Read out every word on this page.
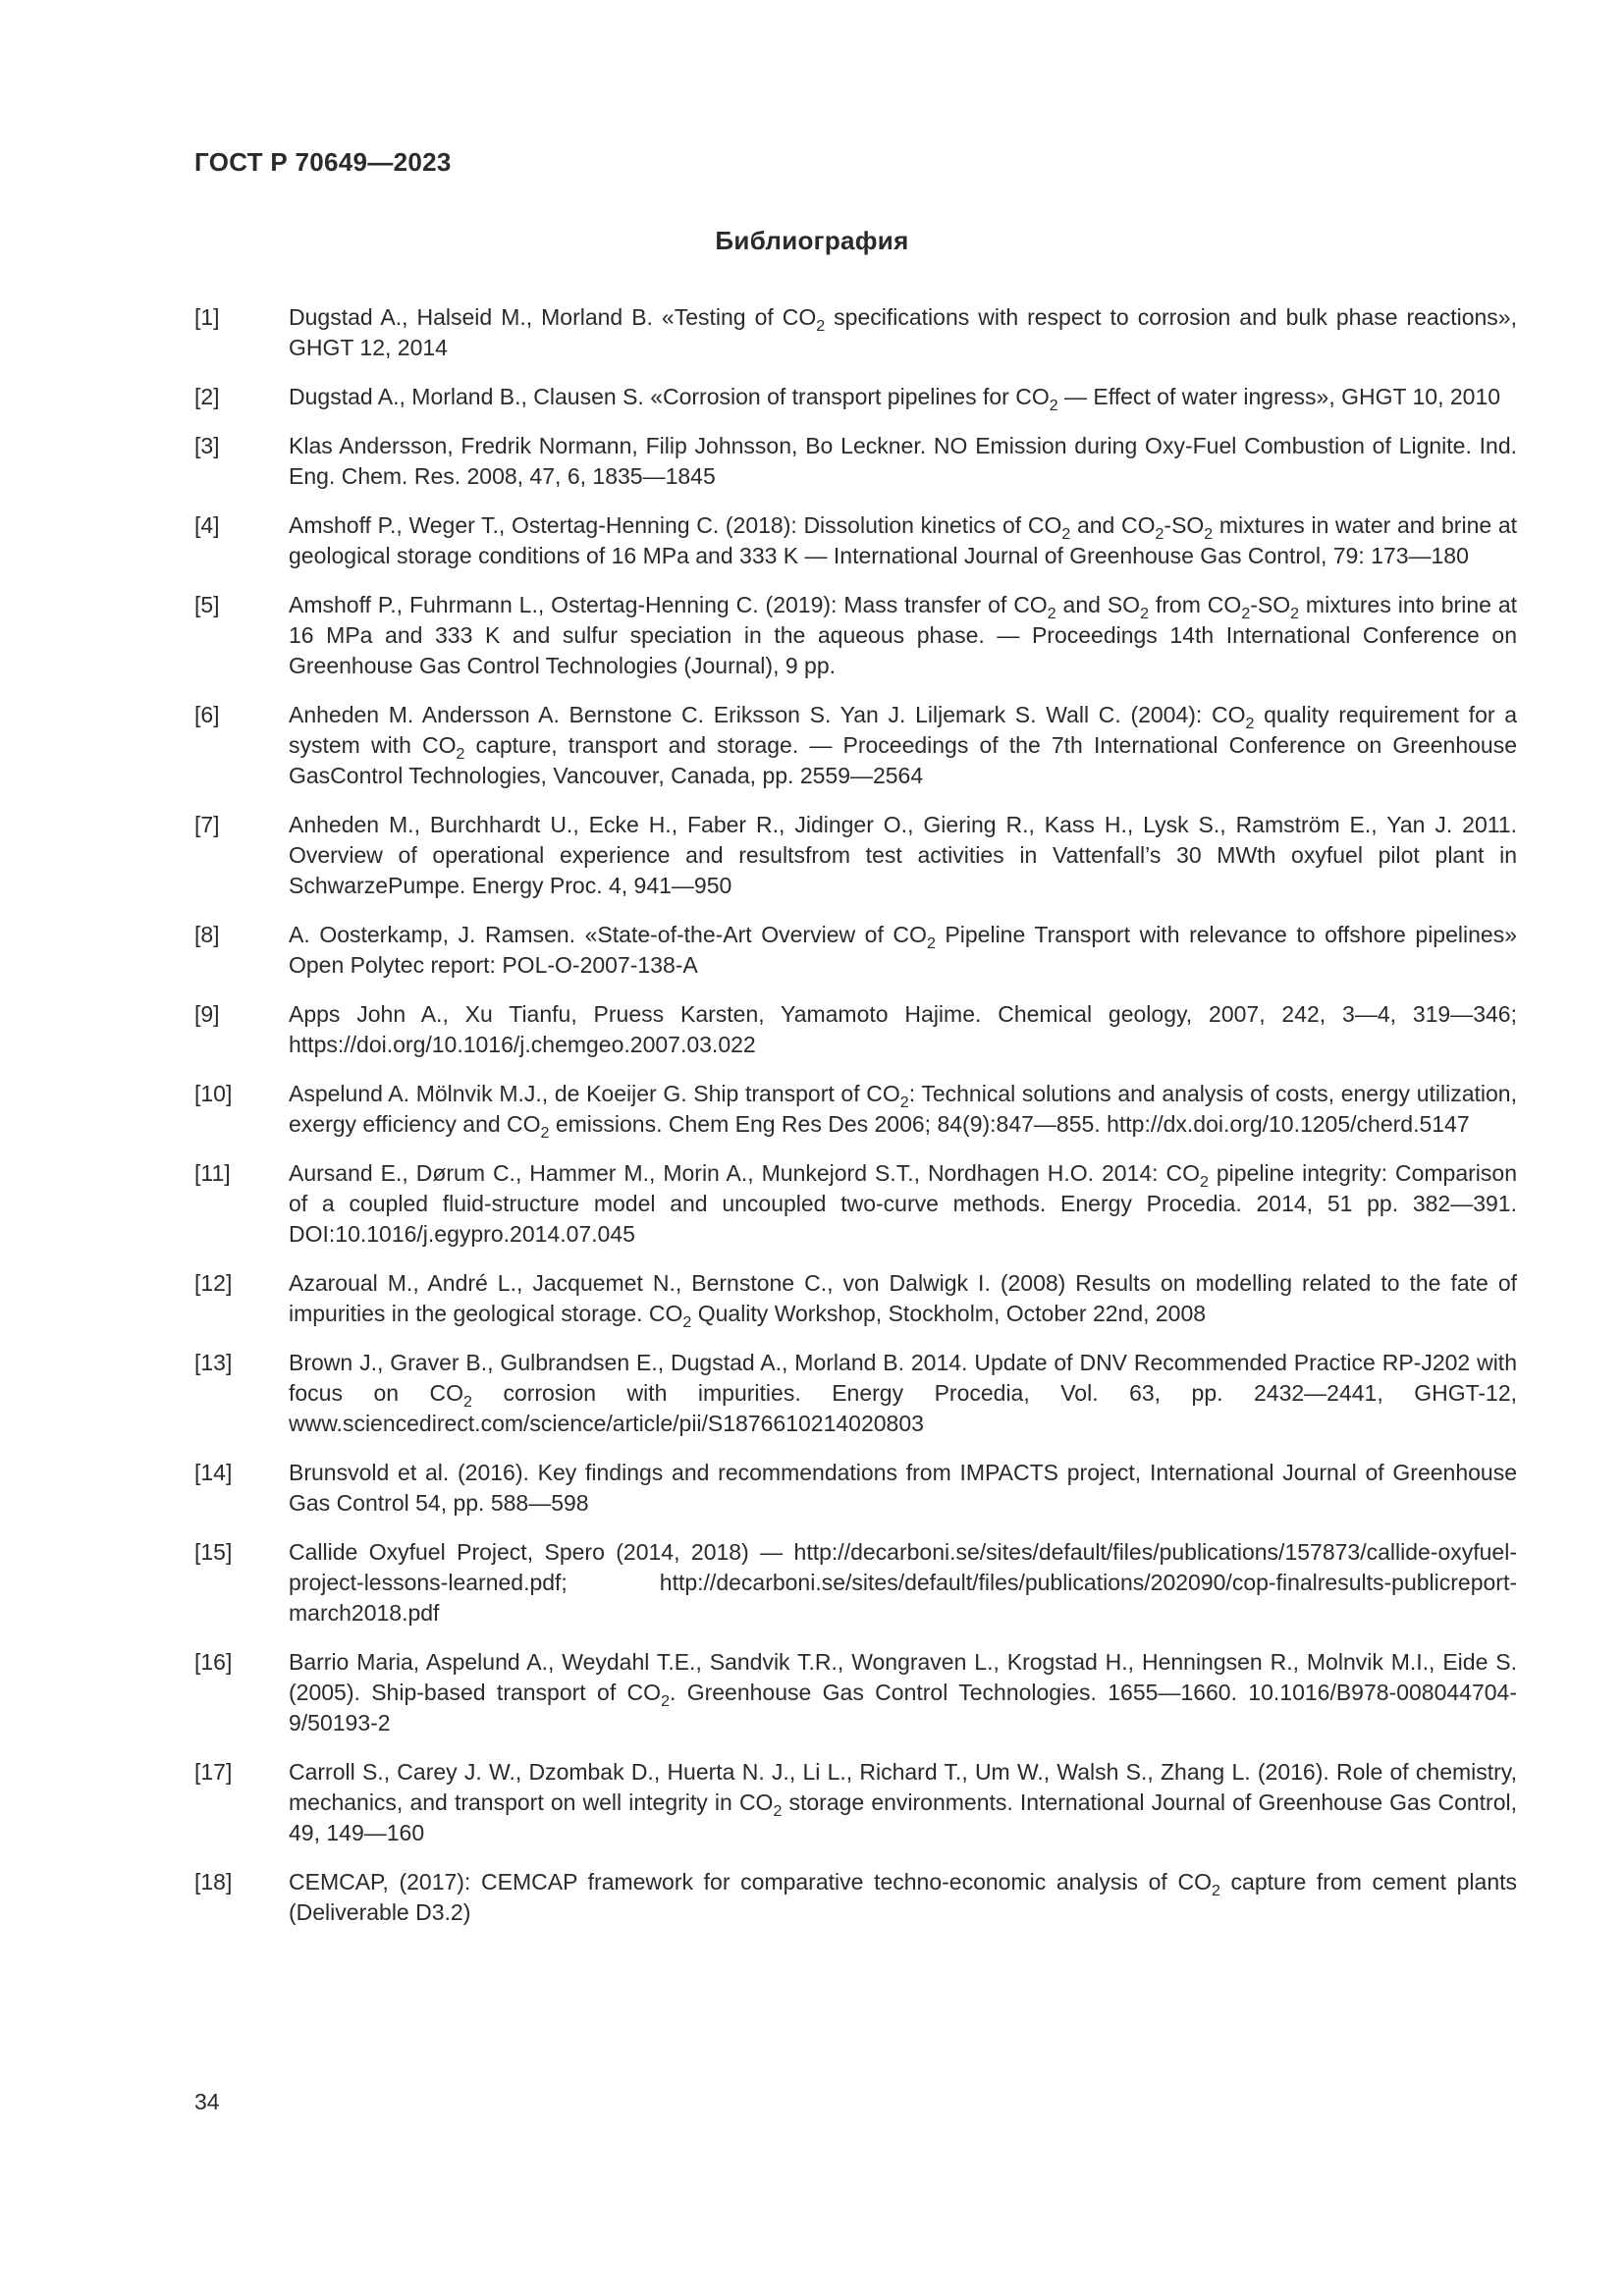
ГОСТ Р 70649—2023
Библиография
[1]	Dugstad A., Halseid M., Morland B. «Testing of $CO_2$ specifications with respect to corrosion and bulk phase reactions», GHGT 12, 2014
[2]	Dugstad A., Morland B., Clausen S. «Corrosion of transport pipelines for $CO_2$ — Effect of water ingress», GHGT 10, 2010
[3]	Klas Andersson, Fredrik Normann, Filip Johnsson, Bo Leckner. NO Emission during Oxy-Fuel Combustion of Lignite. Ind. Eng. Chem. Res. 2008, 47, 6, 1835—1845
[4]	Amshoff P., Weger T., Ostertag-Henning C. (2018): Dissolution kinetics of $CO_2$ and $CO_2-SO_2$ mixtures in water and brine at geological storage conditions of 16 MPa and 333 K — International Journal of Greenhouse Gas Control, 79: 173—180
[5]	Amshoff P., Fuhrmann L., Ostertag-Henning C. (2019): Mass transfer of $CO_2$ and $SO_2$ from $CO_2-SO_2$ mixtures into brine at 16 MPa and 333 K and sulfur speciation in the aqueous phase. — Proceedings 14th International Conference on Greenhouse Gas Control Technologies (Journal), 9 pp.
[6]	Anheden M. Andersson A. Bernstone C. Eriksson S. Yan J. Liljemark S. Wall C. (2004): $CO_2$ quality requirement for a system with $CO_2$ capture, transport and storage. — Proceedings of the 7th International Conference on Greenhouse GasControl Technologies, Vancouver, Canada, pp. 2559—2564
[7]	Anheden M., Burchhardt U., Ecke H., Faber R., Jidinger O., Giering R., Kass H., Lysk S., Ramström E., Yan J. 2011. Overview of operational experience and resultsfrom test activities in Vattenfall’s 30 MWth oxyfuel pilot plant in SchwarzePumpe. Energy Proc. 4, 941—950
[8]	A. Oosterkamp, J. Ramsen. «State-of-the-Art Overview of $CO_2$ Pipeline Transport with relevance to offshore pipelines» Open Polytec report: POL-O-2007-138-A
[9]	Apps John A., Xu Tianfu, Pruess Karsten, Yamamoto Hajime. Chemical geology, 2007, 242, 3—4, 319—346; https://doi.org/10.1016/j.chemgeo.2007.03.022
[10]	Aspelund A. Mölnvik M.J., de Koeijer G. Ship transport of $CO_2$: Technical solutions and analysis of costs, energy utilization, exergy efficiency and $CO_2$ emissions. Chem Eng Res Des 2006; 84(9):847—855. http://dx.doi.org/10.1205/cherd.5147
[11]	Aursand E., Dørum C., Hammer M., Morin A., Munkejord S.T., Nordhagen H.O. 2014: $CO_2$ pipeline integrity: Comparison of a coupled fluid-structure model and uncoupled two-curve methods. Energy Procedia. 2014, 51 pp. 382—391. DOI:10.1016/j.egypro.2014.07.045
[12]	Azaroual M., André L., Jacquemet N., Bernstone C., von Dalwigk I. (2008) Results on modelling related to the fate of impurities in the geological storage. $CO_2$ Quality Workshop, Stockholm, October 22nd, 2008
[13]	Brown J., Graver B., Gulbrandsen E., Dugstad A., Morland B. 2014. Update of DNV Recommended Practice RP-J202 with focus on $CO_2$ corrosion with impurities. Energy Procedia, Vol. 63, pp. 2432—2441, GHGT-12, www.sciencedirect.com/science/article/pii/S1876610214020803
[14]	Brunsvold et al. (2016). Key findings and recommendations from IMPACTS project, International Journal of Greenhouse Gas Control 54, pp. 588—598
[15]	Callide Oxyfuel Project, Spero (2014, 2018) — http://decarboni.se/sites/default/files/publications/157873/callide-oxyfuel-project-lessons-learned.pdf; http://decarboni.se/sites/default/files/publications/202090/cop-finalresults-publicreport-march2018.pdf
[16]	Barrio Maria, Aspelund A., Weydahl T.E., Sandvik T.R., Wongraven L., Krogstad H., Henningsen R., Molnvik M.I., Eide S. (2005). Ship-based transport of $CO_2$. Greenhouse Gas Control Technologies. 1655—1660. 10.1016/B978-008044704-9/50193-2
[17]	Carroll S., Carey J. W., Dzombak D., Huerta N. J., Li L., Richard T., Um W., Walsh S., Zhang L. (2016). Role of chemistry, mechanics, and transport on well integrity in $CO_2$ storage environments. International Journal of Greenhouse Gas Control, 49, 149—160
[18]	CEMCAP, (2017): CEMCAP framework for comparative techno-economic analysis of $CO_2$ capture from cement plants (Deliverable D3.2)
34
